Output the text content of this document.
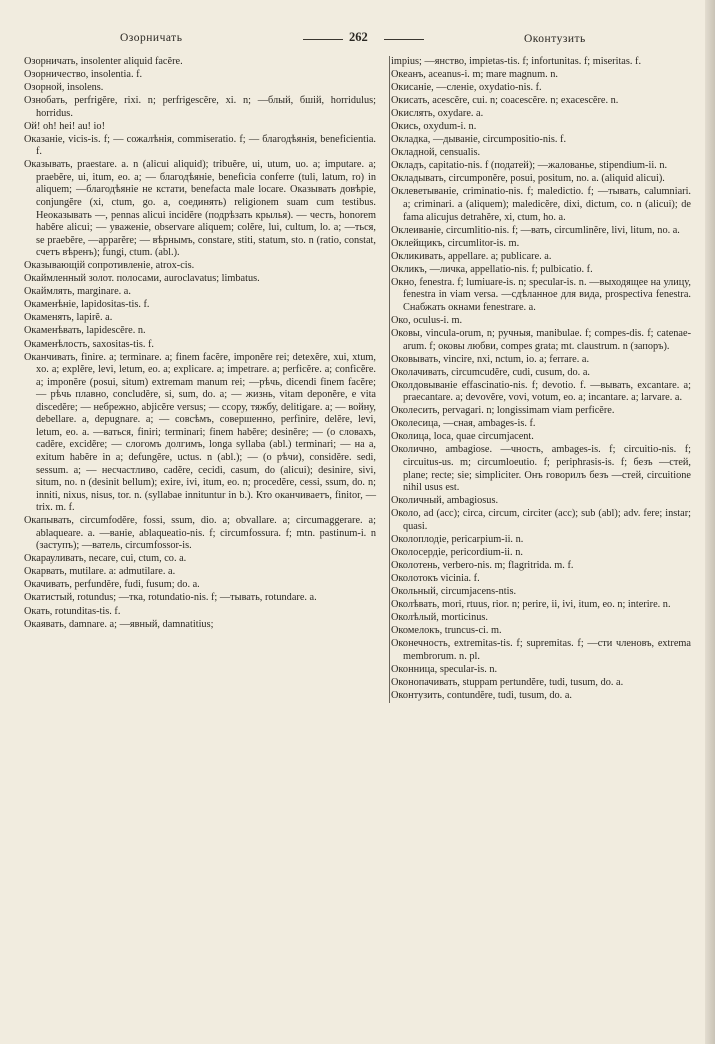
Озорничать	262	Оконтузить

Озорничать, insolenter aliquid facĕre.

Озорничество, insolentia. f.

Озорной, insolens.

Ознобать, perfrigĕre, rixi. n; perfrigescĕre, xi. n; —блый, бшій, horridulus; horridus.

Ой! oh! hei! au! io!

Оказаніе, vicis-is. f; — сожалѣнія, commiseratio. f; — благодѣянія, beneficientia. f.

Оказывать, praestare. a. n (alicui aliquid); tribuĕre, ui, utum, uo. a; imputare. a; praebĕre, ui, itum, eo. a; — благодѣяніе, beneficia conferre (tuli, latum, ro) in aliquem; —благодѣяніе не кстати, benefacta male locare. Оказывать довѣріе, conjungĕre (xi, ctum, go. a, соединять) religionem suam cum testibus. Неоказывать —, pennas alicui incidĕre (подрѣзать крылья). — честь, honorem habĕre alicui; — уваженіе, observare aliquem; colĕre, lui, cultum, lo. a; —ться, se praebĕre, —apparĕre; — вѣрнымъ, constare, stiti, statum, sto. n (ratio, constat, счетъ вѣренъ); fungi, ctum. (abl.).

Оказывающій сопротивленіе, atrox-cis.

Окаймленный золот. полосами, auroclavatus; limbatus.

Окаймлять, marginare. a.

Окаменѣніе, lapidositas-tis. f.

Окаменять, lapirĕ. a.

Окаменѣвать, lapidescĕre. n.

Окаменѣлость, saxositas-tis. f.

Оканчивать, finire. a; terminare. a; finem facĕre, imponĕre rei; detexĕre, xui, xtum, xo. a; explĕre, levi, letum, eo. a; explicare. a; impetrare. a; perficĕre. a; conficĕre. a; imponĕre (posui, situm) extremam manum rei; —рѣчь, dicendi finem facĕre; — рѣчь плавно, concludĕre, si, sum, do. a; — жизнь, vitam deponĕre, e vita discedĕre; — небрежно, abjicĕre versus; — ссору, тяжбу, delitigare. a; — войну, debellare. a, depugnare. a; — совсѣмъ, совершенно, perfinire, delĕre, levi, letum, eo. a. —ваться, finiri; terminari; finem habĕre; desinĕre; — (о словахъ, cadĕre, excidĕre; — слогомъ долгимъ, longa syllaba (abl.) terminari; — на a, exitum habĕre in a; defungĕre, uctus. n (abl.); — (о рѣчи), considĕre. sedi, sessum. a; — несчастливо, cadĕre, cecidi, casum, do (alicui); desinire, sivi, situm, no. n (desinit bellum); exire, ivi, itum, eo. n; procedĕre, cessi, ssum, do. n; inniti, nixus, nisus, tor. n. (syllabae innituntur in b.). Кто оканчиваетъ, finitor, —trix. m. f.

Окапывать, circumfodĕre, fossi, ssum, dio. a; obvallare. a; circumaggerare. a; ablaqueare. a. —ваніе, ablaqueatio-nis. f; circumfossura. f; mtn. pastinum-i. n (заступъ); —ватель, circumfossor-is.

Окарауливать, necare, cui, ctum, co. a.

Окарвать, mutilare. a: admutilare. a.

Окачивать, perfundĕre, fudi, fusum; do. a.

Окатистый, rotundus; —тка, rotundatio-nis. f; —тывать, rotundare. a.

Окать, rotunditas-tis. f.

Окаявать, damnare. a; —явный, damnatitius;

impius; —янство, impietas-tis. f; infortunitas. f; miseritas. f.

Океанъ, aceanus-i. m; mare magnum. n.

Окисаніе, —сленіе, oxydatio-nis. f.

Окисать, acescĕre, cui. n; coacescĕre. n; exacescĕre. n.

Окислять, oxydare. a.

Окись, oxydum-i. n.

Окладка, —дываніе, circumpositio-nis. f.

Окладной, censualis.

Окладъ, capitatio-nis. f (податей); —жалованье, stipendium-ii. n.

Окладывать, circumponĕre, posui, positum, no. a. (aliquid alicui).

Оклеветываніе, criminatio-nis. f; maledictio. f; —тывать, calumniari. a; criminari. a (aliquem); maledicĕre, dixi, dictum, co. n (alicui); de fama alicujus detrahĕre, xi, ctum, ho. a.

Оклеиваніе, circumlitio-nis. f; —вать, circumlinĕre, livi, litum, no. a.

Оклейщикъ, circumlitor-is. m.

Окликивать, appellare. a; publicare. a.

Окликъ, —личка, appellatio-nis. f; pulbicatio. f.

Окно, fenestra. f; lumiuare-is. n; specular-is. n. —выходящее на улицу, fenestra in viam versa. —сдѣланное для вида, prospectiva fenestra. Снабжать окнами fenestrare. a.

Око, oculus-i. m.

Оковы, vincula-orum, n; ручныя, manibulae. f; compes-dis. f; catenae-arum. f; оковы любви, compes grata; mt. claustrum. n (запоръ).

Оковывать, vincire, nxi, nctum, io. a; ferrare. a.

Околачивать, circumcudĕre, cudi, cusum, do. a.

Околдовываніе effascinatio-nis. f; devotio. f. —вывать, excantare. a; praecantare. a; devovĕre, vovi, votum, eo. a; incantare. a; larvare. a.

Околесить, pervagari. n; longissimam viam perficĕre.

Околесица, —сная, ambages-is. f.

Околица, loca, quae circumjacent.

Околично, ambagiose. —чность, ambages-is. f; circuitio-nis. f; circuitus-us. m; circumloeutio. f; periphrasis-is. f; безъ —стей, plane; recte; sie; simpliciter. Онъ говорилъ безъ —стей, circuitione nihil usus est.

Околичный, ambagiosus.

Около, ad (acc); circa, circum, circiter (acc); sub (abl); adv. fere; instar; quasi.

Околоплодіе, pericarpium-ii. n.

Околосердіе, pericordium-ii. n.

Околотень, verbero-nis. m; flagritrida. m. f.

Околотокъ vicinia. f.

Окольный, circumjacens-ntis.

Околѣвать, mori, rtuus, rior. n; perire, ii, ivi, itum, eo. n; interire. n.

Околѣлый, morticinus.

Окомелокъ, truncus-ci. m.

Оконечность, extremitas-tis. f; supremitas. f; —сти членовъ, extrema membrorum. n. pl.

Оконница, specular-is. n.

Оконопачивать, stuppam pertundĕre, tudi, tusum, do. a.

Оконтузить, contundĕre, tudi, tusum, do. a.
